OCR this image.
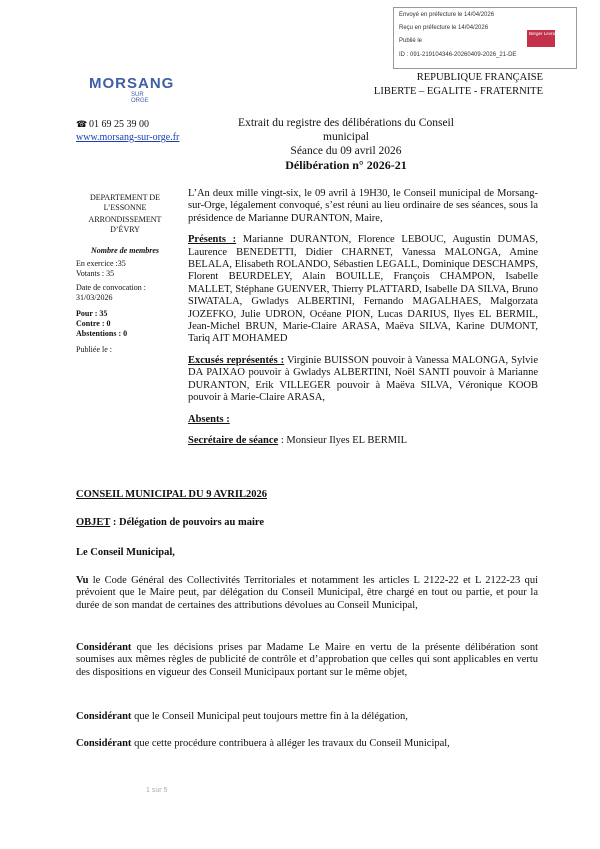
Envoyé en préfecture le 14/04/2026
Reçu en préfecture le 14/04/2026
Publié le
ID : 091-219104346-20260409-2026_21-DE
Berger Levrault
MORSANG
SUR
ORGE
REPUBLIQUE FRANÇAISE
LIBERTE – EGALITE - FRATERNITE
☎ 01 69 25 39 00
www.morsang-sur-orge.fr
Extrait du registre des délibérations du Conseil municipal
Séance du 09 avril 2026
Délibération n° 2026-21
DEPARTEMENT DE
L’ESSONNE
ARRONDISSEMENT D’ÉVRY
Nombre de membres
En exercice :35
Votants : 35
Date de convocation :
31/03/2026
Pour : 35
Contre : 0
Abstentions : 0
Publiée le :

L’An deux mille vingt-six, le 09 avril à 19H30, le Conseil municipal de Morsang-sur-Orge, légalement convoqué, s’est réuni au lieu ordinaire de ses séances, sous la présidence de Marianne DURANTON, Maire,

Présents : Marianne DURANTON, Florence LEBOUC, Augustin DUMAS, Laurence BENEDETTI, Didier CHARNET, Vanessa MALONGA, Amine BELALA, Elisabeth ROLANDO, Sébastien LEGALL, Dominique DESCHAMPS, Florent BEURDELEY, Alain BOUILLE, François CHAMPON, Isabelle MALLET, Stéphane GUENVER, Thierry PLATTARD, Isabelle DA SILVA, Bruno SIWATALA, Gwladys ALBERTINI, Fernando MAGALHAES, Malgorzata JOZEFKO, Julie UDRON, Océane PION, Lucas DARIUS, Ilyes EL BERMIL, Jean-Michel BRUN, Marie-Claire ARASA, Maëva SILVA, Karine DUMONT, Tariq AIT MOHAMED

Excusés représentés : Virginie BUISSON pouvoir à Vanessa MALONGA, Sylvie DA PAIXAO pouvoir à Gwladys ALBERTINI, Noël SANTI pouvoir à Marianne DURANTON, Erik VILLEGER pouvoir à Maëva SILVA, Véronique KOOB pouvoir à Marie-Claire ARASA,

Absents :

Secrétaire de séance : Monsieur Ilyes EL BERMIL

CONSEIL MUNICIPAL DU 9 AVRIL2026

OBJET : Délégation de pouvoirs au maire

Le Conseil Municipal,

Vu le Code Général des Collectivités Territoriales et notamment les articles L 2122-22 et L 2122-23 qui prévoient que le Maire peut, par délégation du Conseil Municipal, être chargé en tout ou partie, et pour la durée de son mandat de certaines des attributions dévolues au Conseil Municipal,

Considérant que les décisions prises par Madame Le Maire en vertu de la présente délibération sont soumises aux mêmes règles de publicité de contrôle et d’approbation que celles qui sont applicables en vertu des dispositions en vigueur des Conseil Municipaux portant sur le même objet,

Considérant que le Conseil Municipal peut toujours mettre fin à la délégation,

Considérant que cette procédure contribuera à alléger les travaux du Conseil Municipal,

1 sur 5
